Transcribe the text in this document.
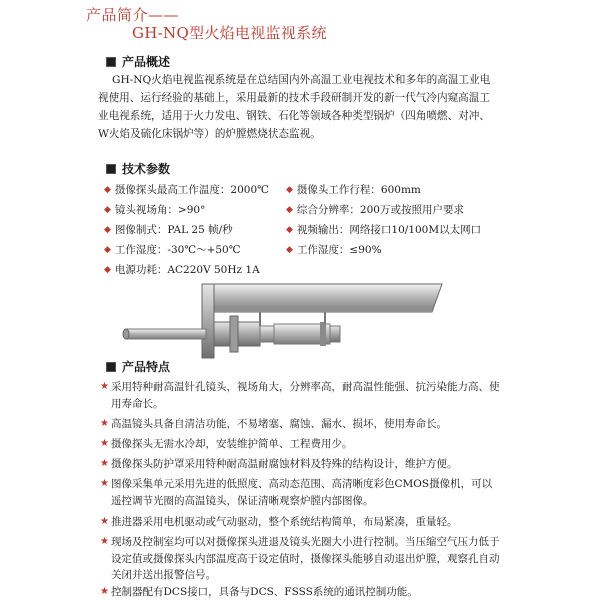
产品简介——
GH-NQ型火焰电视监视系统
产品概述

GH-NQ火焰电视监视系统是在总结国内外高温工业电视技术和多年的高温工业电视使用、运行经验的基础上，采用最新的技术手段研制开发的新一代气冷内窥高温工业电视系统，适用于火力发电、钢铁、石化等领域各种类型锅炉（四角喷燃、对冲、W火焰及硫化床锅炉等）的炉膛燃烧状态监视。

技术参数
◆ 摄像探头最高工作温度：2000℃
◆ 镜头视场角：>90°
◆ 图像制式：PAL 25 帧/秒
◆ 工作湿度：-30℃～+50℃
◆ 电源功耗：AC220V 50Hz 1A
◆ 摄像头工作行程：600mm
◆ 综合分辨率：200万或按照用户要求
◆ 视频输出：网络接口10/100M以太网口
◆ 工作湿度：≤90%
产品特点
★ 采用特种耐高温针孔镜头，视场角大，分辨率高，耐高温性能强、抗污染能力高、使用寿命长。
★ 高温镜头具备自清洁功能，不易堵塞、腐蚀、漏水、损坏，使用寿命长。
★ 摄像探头无需水冷却，安装维护简单、工程费用少。
★ 摄像探头防护罩采用特种耐高温耐腐蚀材料及特殊的结构设计，维护方便。
★ 图像采集单元采用先进的低照度、高动态范围、高清晰度彩色CMOS摄像机，可以遥控调节光圈的高温镜头，保证清晰观察炉膛内部图像。
★ 推进器采用电机驱动或气动驱动，整个系统结构简单，布局紧凑，重量轻。
★ 现场及控制室均可以对摄像探头进退及镜头光圈大小进行控制。当压缩空气压力低于设定值或摄像探头内部温度高于设定值时，摄像探头能够自动退出炉膛，观察孔自动关闭并送出报警信号。
★ 控制器配有DCS接口，具备与DCS、FSSS系统的通讯控制功能。
